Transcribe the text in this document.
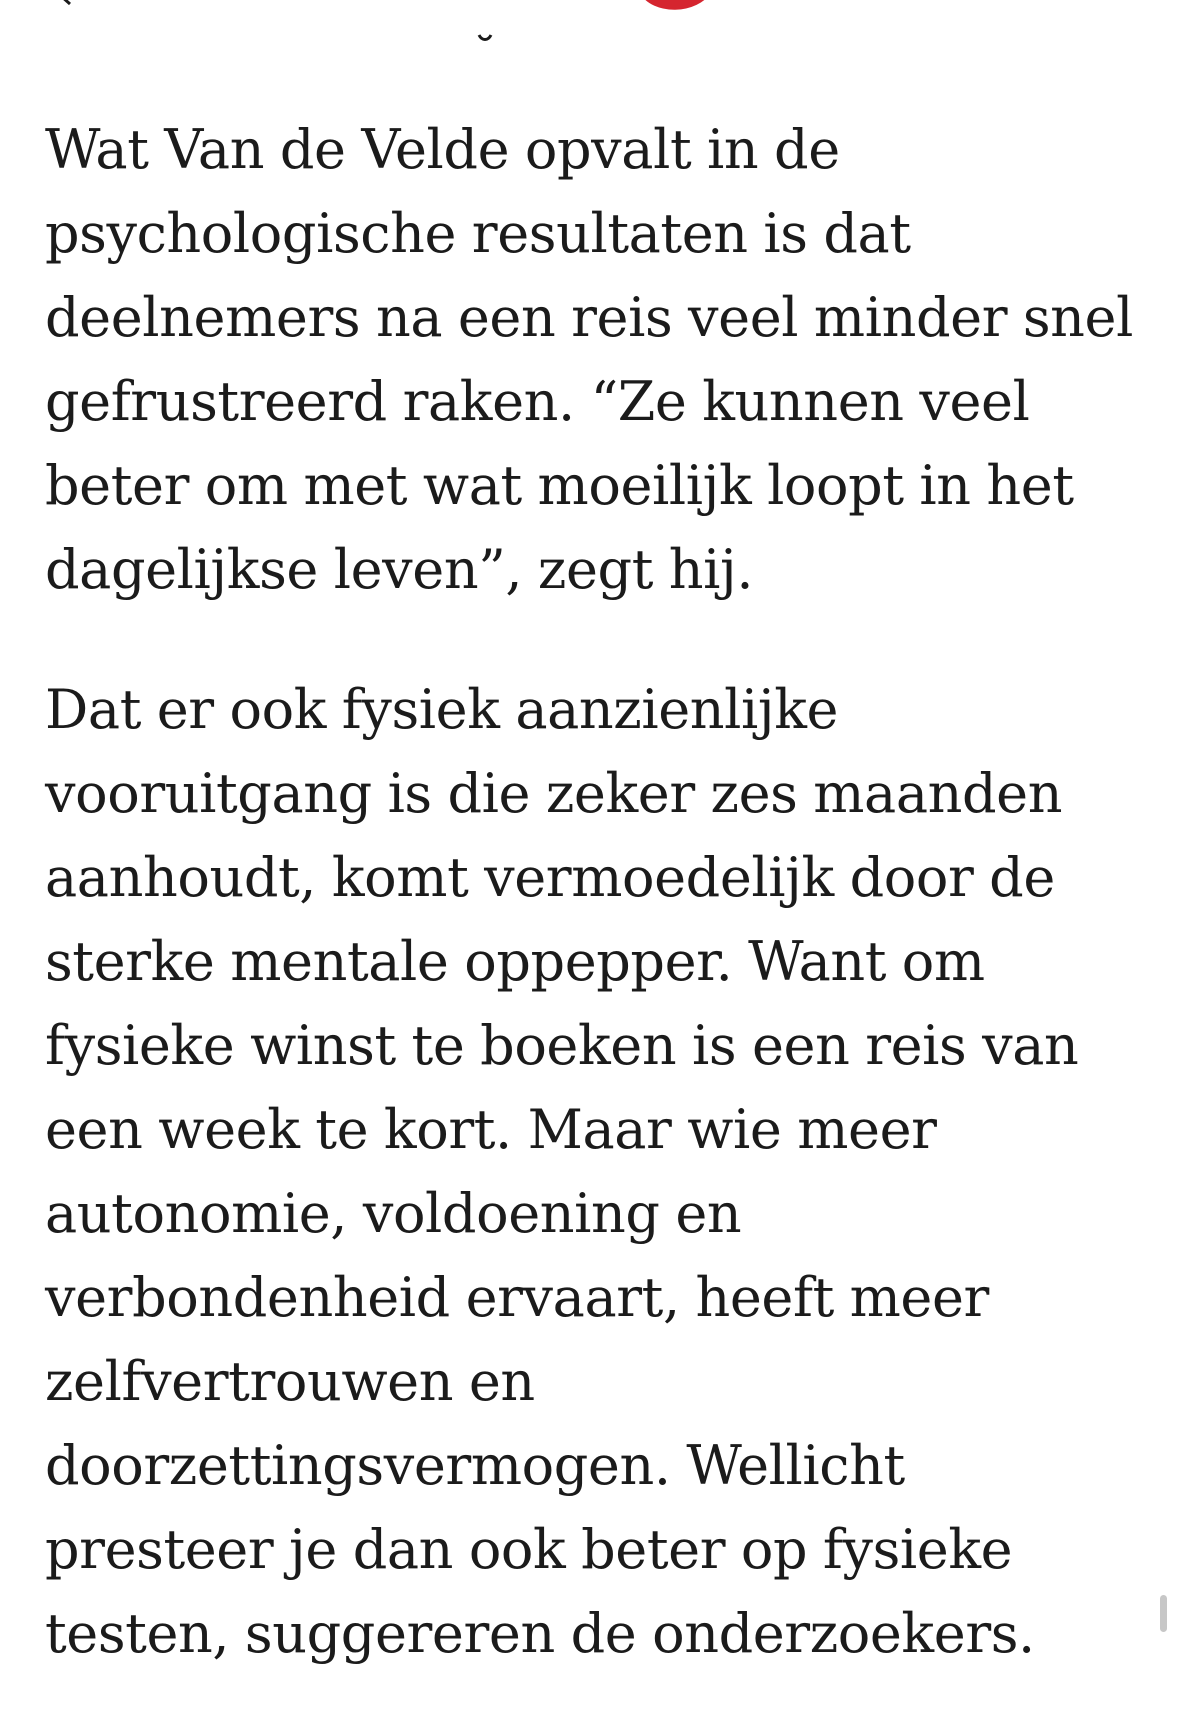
Wat Van de Velde opvalt in de psychologische resultaten is dat deelnemers na een reis veel minder snel gefrustreerd raken. “Ze kunnen veel beter om met wat moeilijk loopt in het dagelijkse leven”, zegt hij.

Dat er ook fysiek aanzienlijke vooruitgang is die zeker zes maanden aanhoudt, komt vermoedelijk door de sterke mentale oppepper. Want om fysieke winst te boeken is een reis van een week te kort. Maar wie meer autonomie, voldoening en verbondenheid ervaart, heeft meer zelfvertrouwen en doorzettingsvermogen. Wellicht presteer je dan ook beter op fysieke testen, suggereren de onderzoekers.
